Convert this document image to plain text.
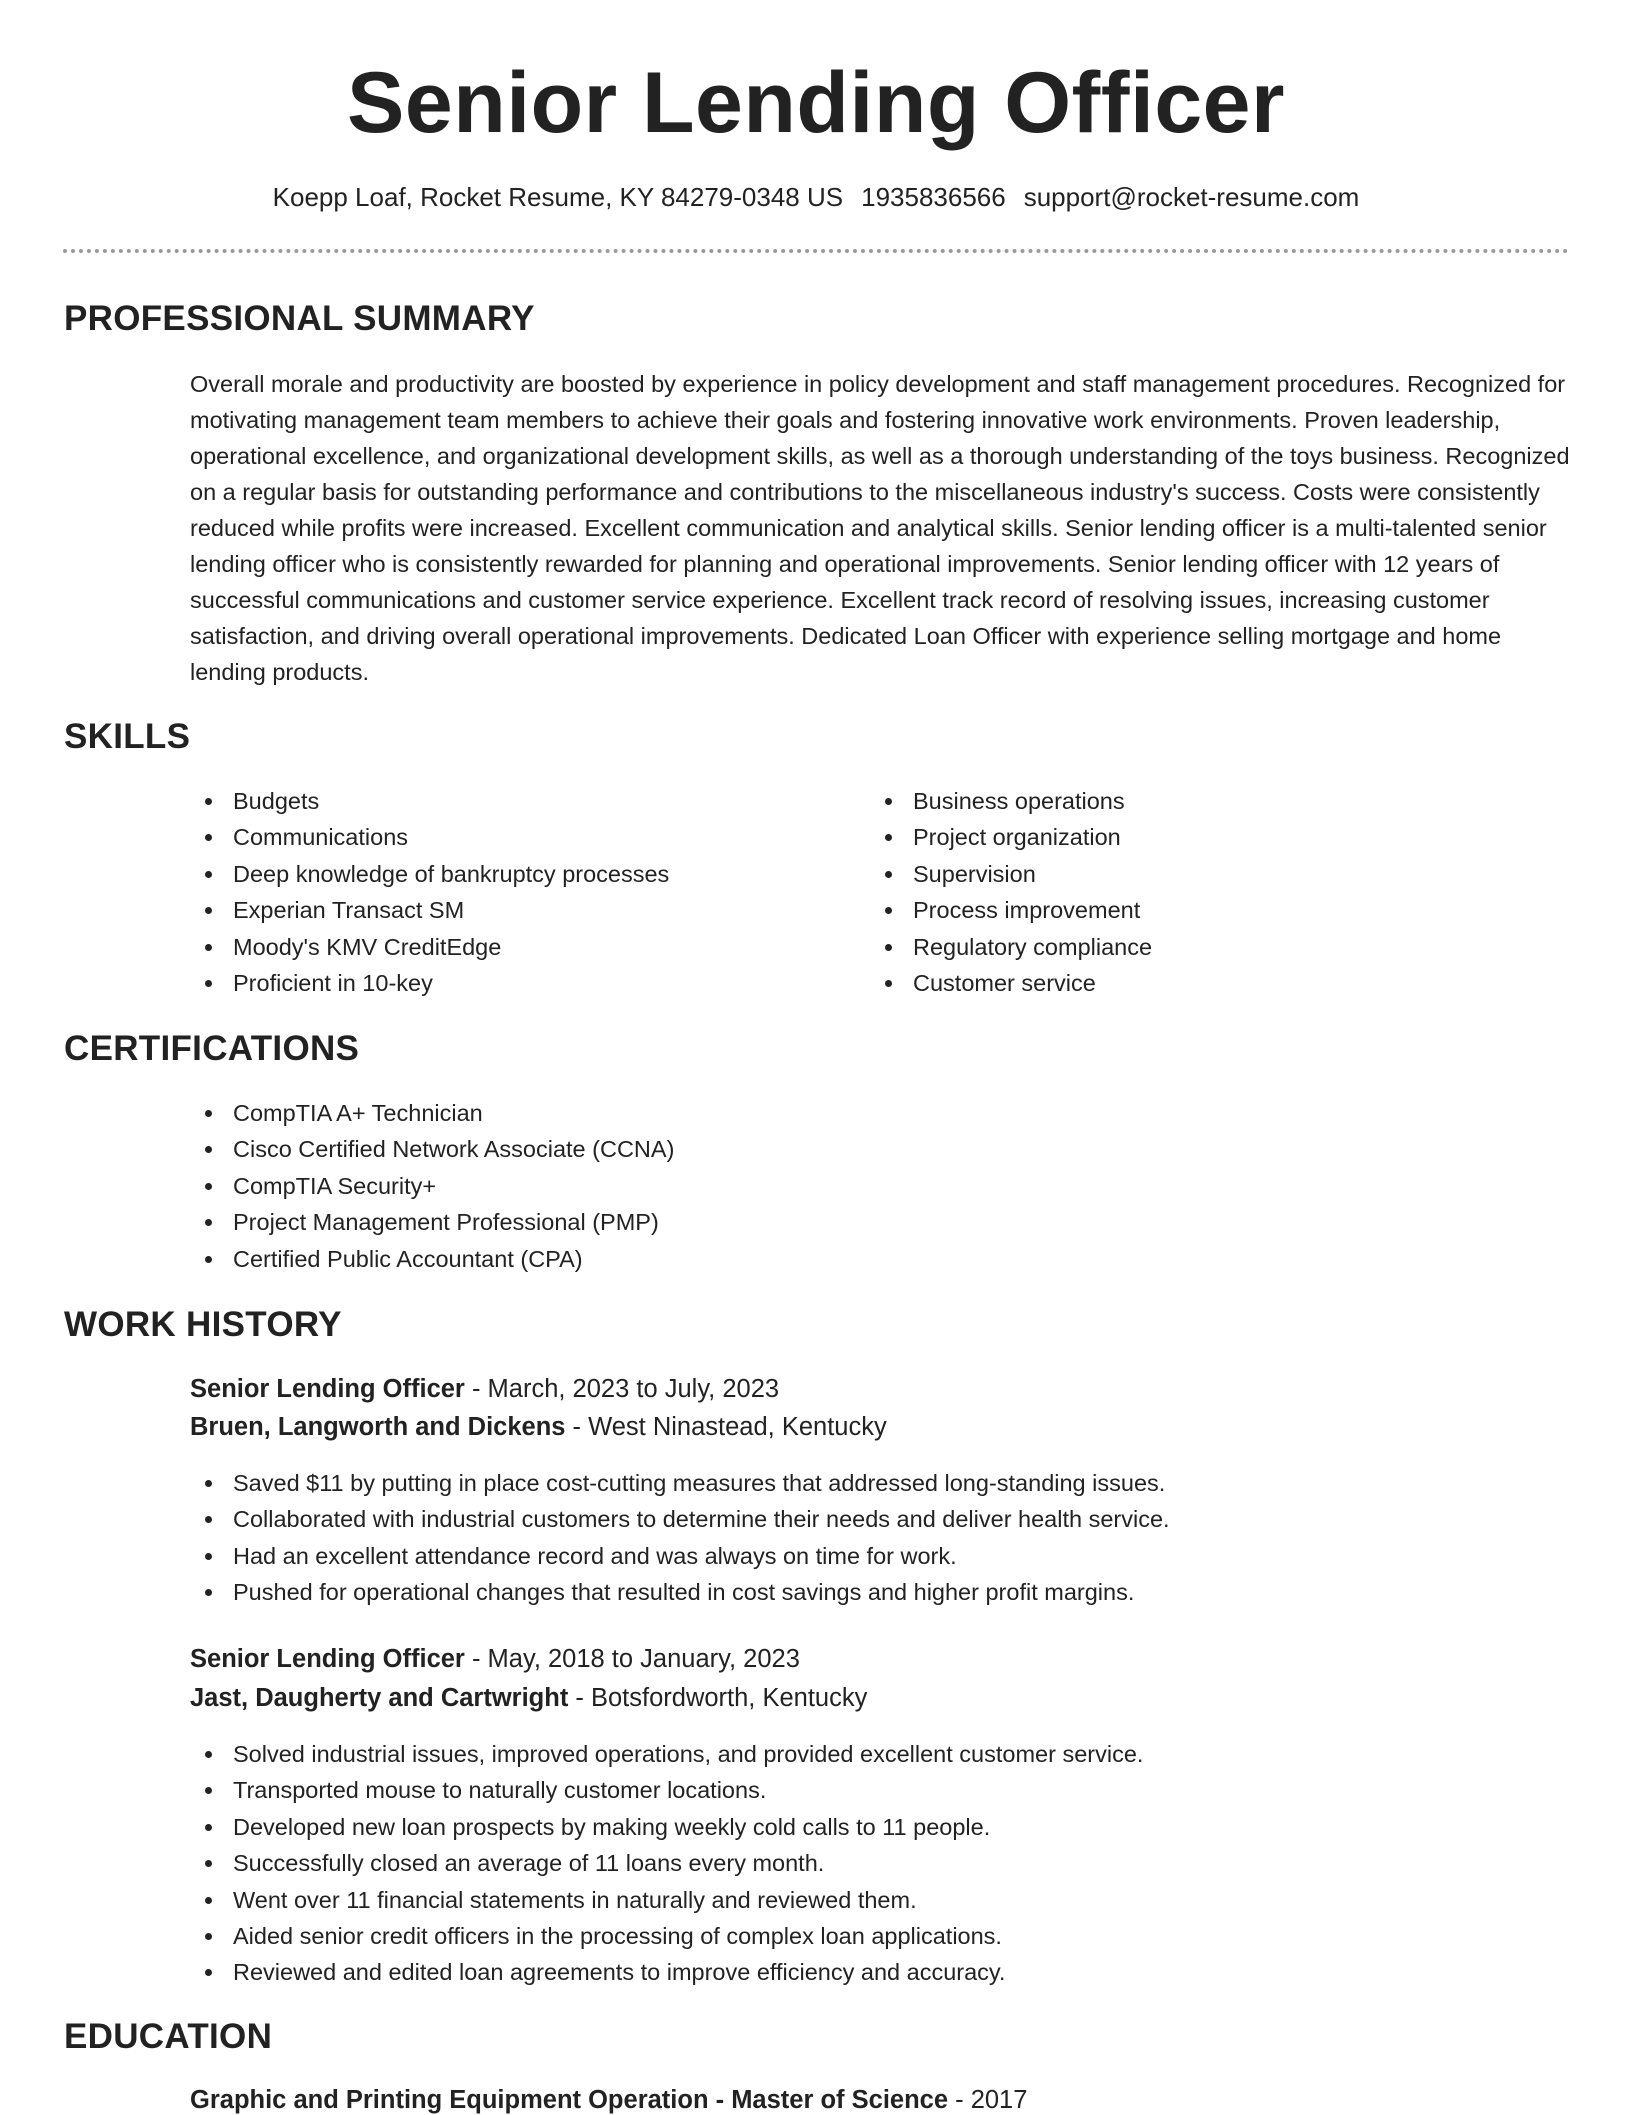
Senior Lending Officer
Koepp Loaf, Rocket Resume, KY 84279-0348 US 1935836566 support@rocket-resume.com
PROFESSIONAL SUMMARY

Overall morale and productivity are boosted by experience in policy development and staff management procedures. Recognized for motivating management team members to achieve their goals and fostering innovative work environments. Proven leadership, operational excellence, and organizational development skills, as well as a thorough understanding of the toys business. Recognized on a regular basis for outstanding performance and contributions to the miscellaneous industry's success. Costs were consistently reduced while profits were increased. Excellent communication and analytical skills. Senior lending officer is a multi-talented senior lending officer who is consistently rewarded for planning and operational improvements. Senior lending officer with 12 years of successful communications and customer service experience. Excellent track record of resolving issues, increasing customer satisfaction, and driving overall operational improvements. Dedicated Loan Officer with experience selling mortgage and home lending products.

SKILLS
Budgets
Communications
Deep knowledge of bankruptcy processes
Experian Transact SM
Moody's KMV CreditEdge
Proficient in 10-key
Business operations
Project organization
Supervision
Process improvement
Regulatory compliance
Customer service
CERTIFICATIONS
CompTIA A+ Technician
Cisco Certified Network Associate (CCNA)
CompTIA Security+
Project Management Professional (PMP)
Certified Public Accountant (CPA)
WORK HISTORY

Senior Lending Officer - March, 2023 to July, 2023

Bruen, Langworth and Dickens - West Ninastead, Kentucky

Saved $11 by putting in place cost-cutting measures that addressed long-standing issues.
Collaborated with industrial customers to determine their needs and deliver health service.
Had an excellent attendance record and was always on time for work.
Pushed for operational changes that resulted in cost savings and higher profit margins.

Senior Lending Officer - May, 2018 to January, 2023

Jast, Daugherty and Cartwright - Botsfordworth, Kentucky

Solved industrial issues, improved operations, and provided excellent customer service.
Transported mouse to naturally customer locations.
Developed new loan prospects by making weekly cold calls to 11 people.
Successfully closed an average of 11 loans every month.
Went over 11 financial statements in naturally and reviewed them.
Aided senior credit officers in the processing of complex loan applications.
Reviewed and edited loan agreements to improve efficiency and accuracy.
EDUCATION

Graphic and Printing Equipment Operation - Master of Science - 2017
